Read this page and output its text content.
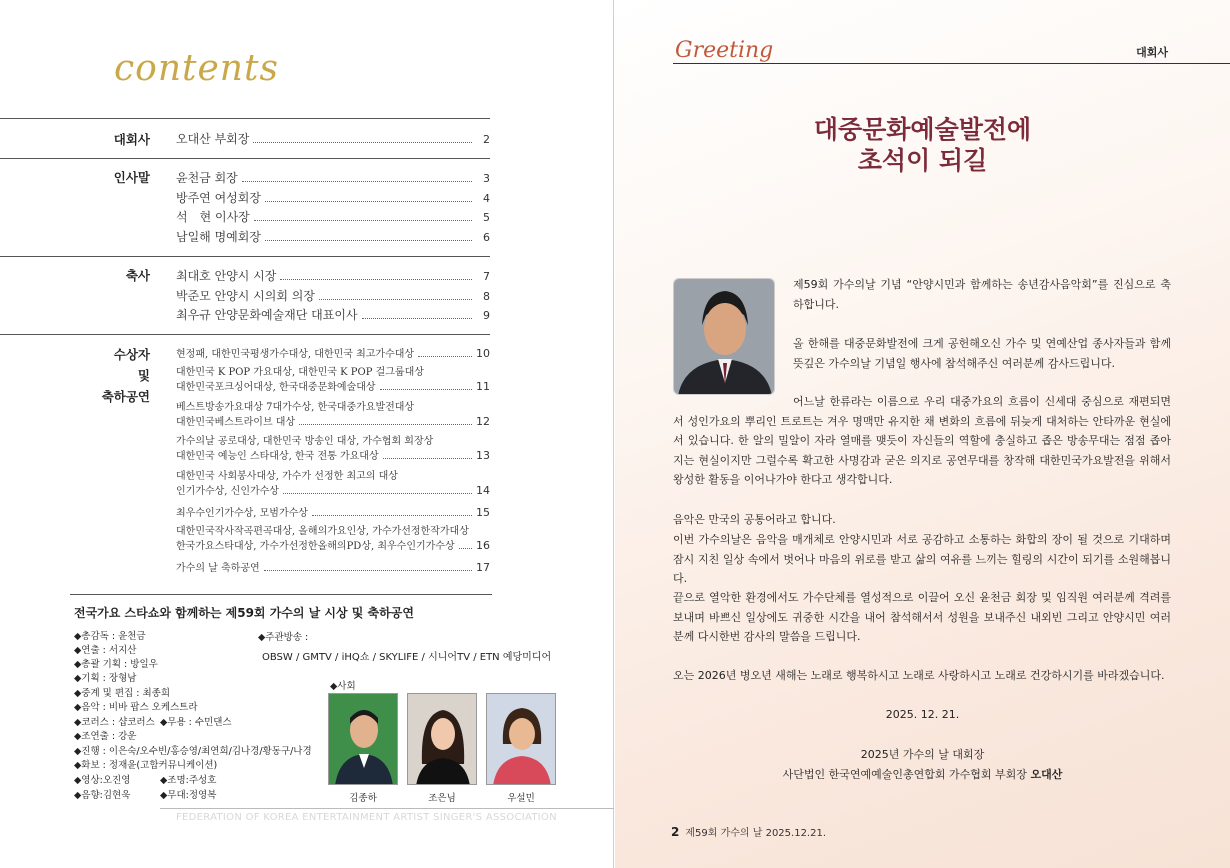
contents
대회사 오대산 부회장	2
인사말 윤천금 회장	3
방주연 여성회장	4
석　현 이사장	5
남일해 명예회장	6
축사 최대호 안양시 시장	7
박준모 안양시 시의회 의장	8
최우규 안양문화예술재단 대표이사	9
수상자
및
축하공연
현정패, 대한민국평생가수대상, 대한민국 최고가수대상	10
대한민국 K POP 가요대상, 대한민국 K POP 걸그룹대상
대한민국포크싱어대상, 한국대중문화예술대상	11
베스트방송가요대상 7대가수상, 한국대중가요발전대상
대한민국베스트라이브 대상	12
가수의날 공로대상, 대한민국 방송인 대상, 가수협회 회장상
대한민국 예능인 스타대상, 한국 전통 가요대상	13
대한민국 사회봉사대상, 가수가 선정한 최고의 대상
인기가수상, 신인가수상	14
최우수인기가수상, 모범가수상	15
대한민국작사작곡편곡대상, 올해의가요인상, 가수가선정한작가대상
한국가요스타대상, 가수가선정한올해의PD상, 최우수인기가수상 16
가수의 날 축하공연	17
전국가요 스타쇼와 함께하는 제59회 가수의 날 시상 및 축하공연
◆총감독 : 윤천금
◆연출 : 서지산
◆총괄 기획 : 방일우
◆기획 : 장형남
◆중계 및 편집 : 최종희
◆음악 : 비바 팝스 오케스트라
◆코러스 : 샵코러스 ◆무용 : 수민댄스
◆조연출 : 강운
◆진행 : 이은숙/오수빈/홍승영/최연희/김나경/황동구/나경
◆화보 : 정재윤(고합커뮤니케이션)
◆영상:오진영	◆조명:주성호
◆음향:김현욱	◆무대:정영복
◆주관방송 :
OBSW / GMTV / iHQ쇼 / SKYLIFE / 시니어TV / ETN 예당미디어
◆사회
김종하	조은님	우설민
FEDERATION OF KOREA ENTERTAINMENT ARTIST SINGER'S ASSOCIATION
Greeting	대회사
대중문화예술발전에
초석이 되길
제59회 가수의날 기념 “안양시민과 함께하는 송년감사음악회”를 진심으로 축하합니다.
올 한해를 대중문화발전에 크게 공헌해오신 가수 및 연예산업 종사자들과 함께 뜻깊은 가수의날 기념일 행사에 참석해주신 여러분께 감사드립니다.
어느날 한류라는 이름으로 우리 대중가요의 흐름이 신세대 중심으로 재편되면서 성인가요의 뿌리인 트로트는 겨우 명맥만 유지한 채 변화의 흐름에 뒤늦게 대처하는 안타까운 현실에 서 있습니다. 한 알의 밀알이 자라 열매를 맺듯이 자신들의 역할에 충실하고 좁은 방송무대는 점점 좁아지는 현실이지만 그럴수록 확고한 사명감과 굳은 의지로 공연무대를 창작해 대한민국가요발전을 위해서 왕성한 활동을 이어나가야 한다고 생각합니다.
음악은 만국의 공통어라고 합니다.
이번 가수의날은 음악을 매개체로 안양시민과 서로 공감하고 소통하는 화합의 장이 될 것으로 기대하며 잠시 지친 일상 속에서 벗어나 마음의 위로를 받고 삶의 여유를 느끼는 힐링의 시간이 되기를 소원해봅니다.
끝으로 열악한 환경에서도 가수단체를 열성적으로 이끌어 오신 윤천금 회장 및 임직원 여러분께 격려를 보내며 바쁘신 일상에도 귀중한 시간을 내어 참석해서서 성원을 보내주신 내외빈 그리고 안양시민 여러분께 다시한번 감사의 말씀을 드립니다.
오는 2026년 병오년 새해는 노래로 행복하시고 노래로 사랑하시고 노래로 건강하시기를 바라겠습니다.
2025. 12. 21.
2025년 가수의 날 대회장
사단법인 한국연예예술인총연합회 가수협회 부회장 오대산
2 제59회 가수의 날 2025.12.21.
